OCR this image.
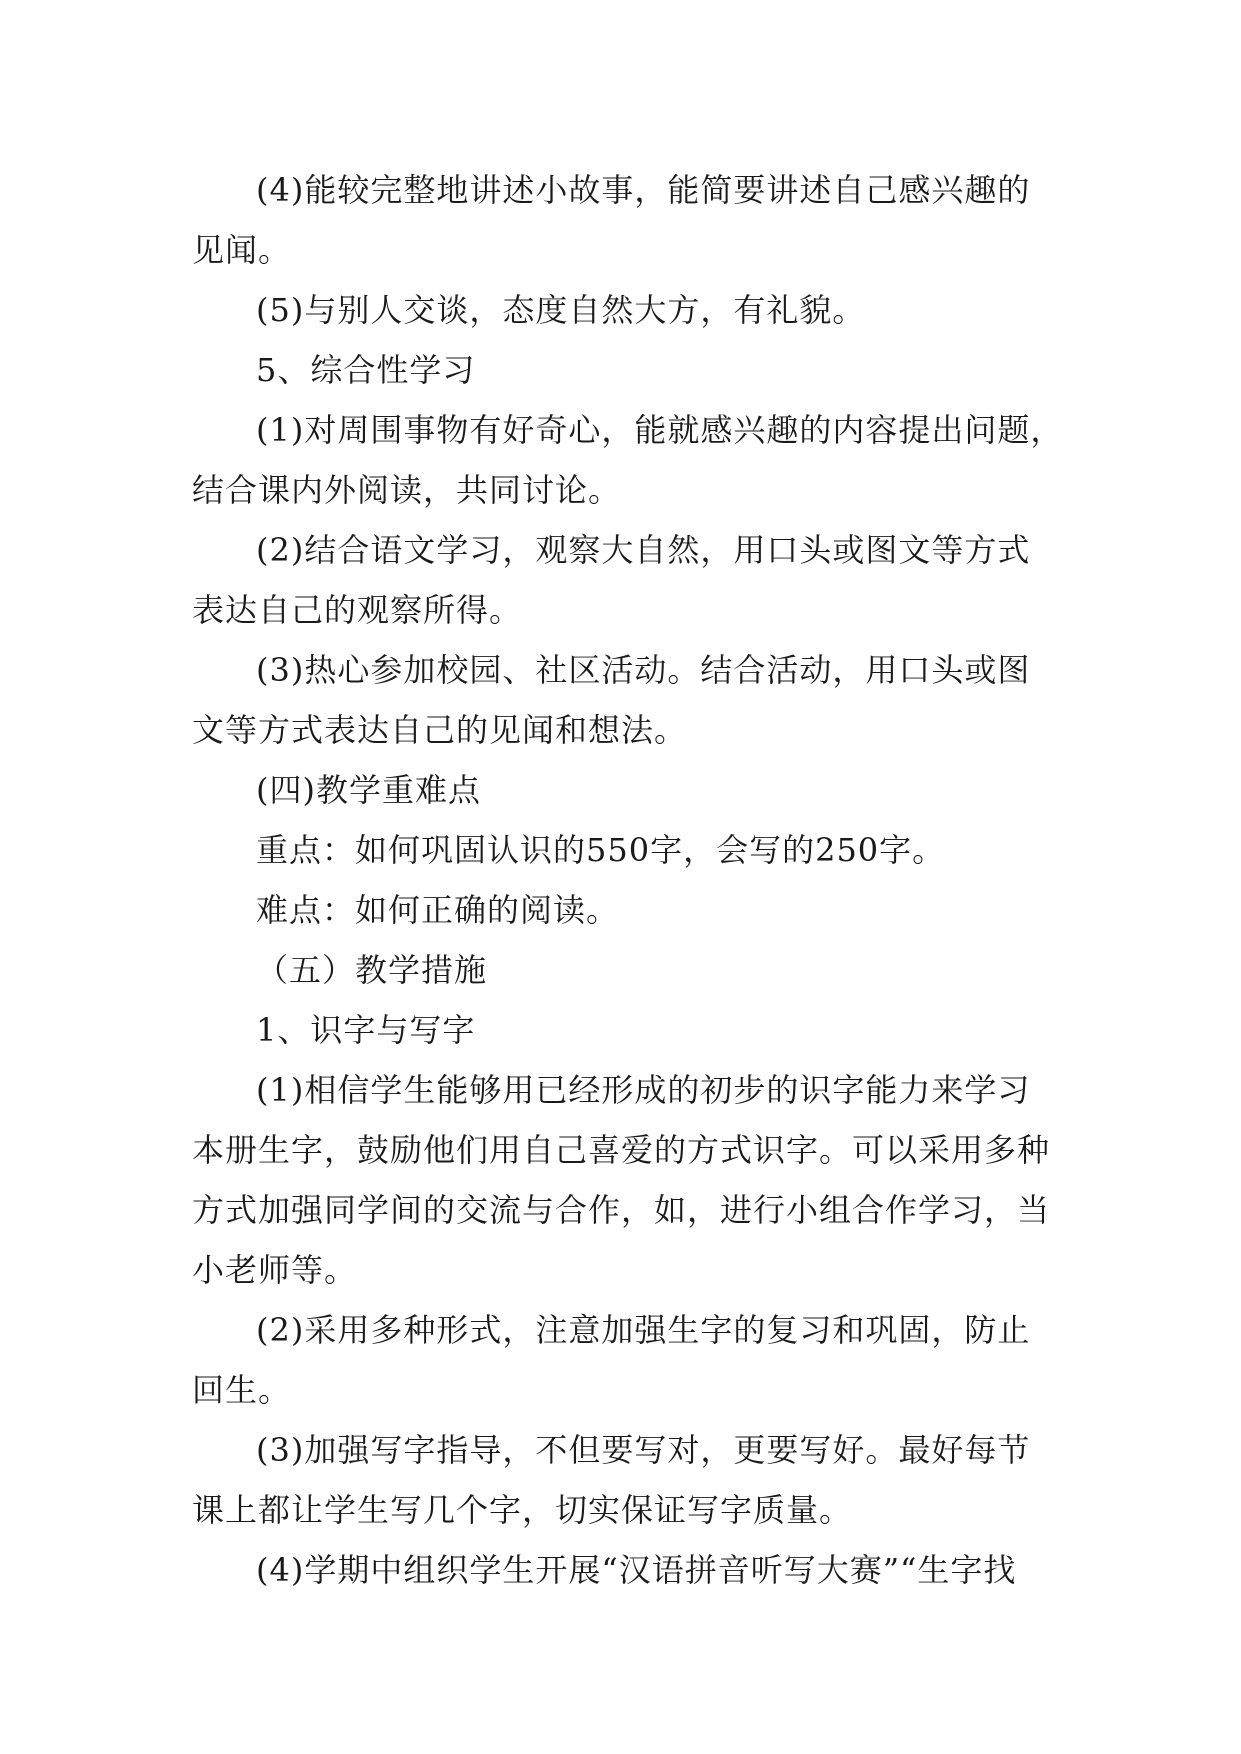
(4)能较完整地讲述小故事，能简要讲述自己感兴趣的
见闻。
(5)与别人交谈，态度自然大方，有礼貌。
5、综合性学习
(1)对周围事物有好奇心，能就感兴趣的内容提出问题，
结合课内外阅读，共同讨论。
(2)结合语文学习，观察大自然，用口头或图文等方式
表达自己的观察所得。
(3)热心参加校园、社区活动。结合活动，用口头或图
文等方式表达自己的见闻和想法。
(四)教学重难点
重点：如何巩固认识的550字，会写的250字。
难点：如何正确的阅读。
（五）教学措施
1、识字与写字
(1)相信学生能够用已经形成的初步的识字能力来学习
本册生字，鼓励他们用自己喜爱的方式识字。可以采用多种
方式加强同学间的交流与合作，如，进行小组合作学习，当
小老师等。
(2)采用多种形式，注意加强生字的复习和巩固，防止
回生。
(3)加强写字指导，不但要写对，更要写好。最好每节
课上都让学生写几个字，切实保证写字质量。
(4)学期中组织学生开展“汉语拼音听写大赛”“生字找
